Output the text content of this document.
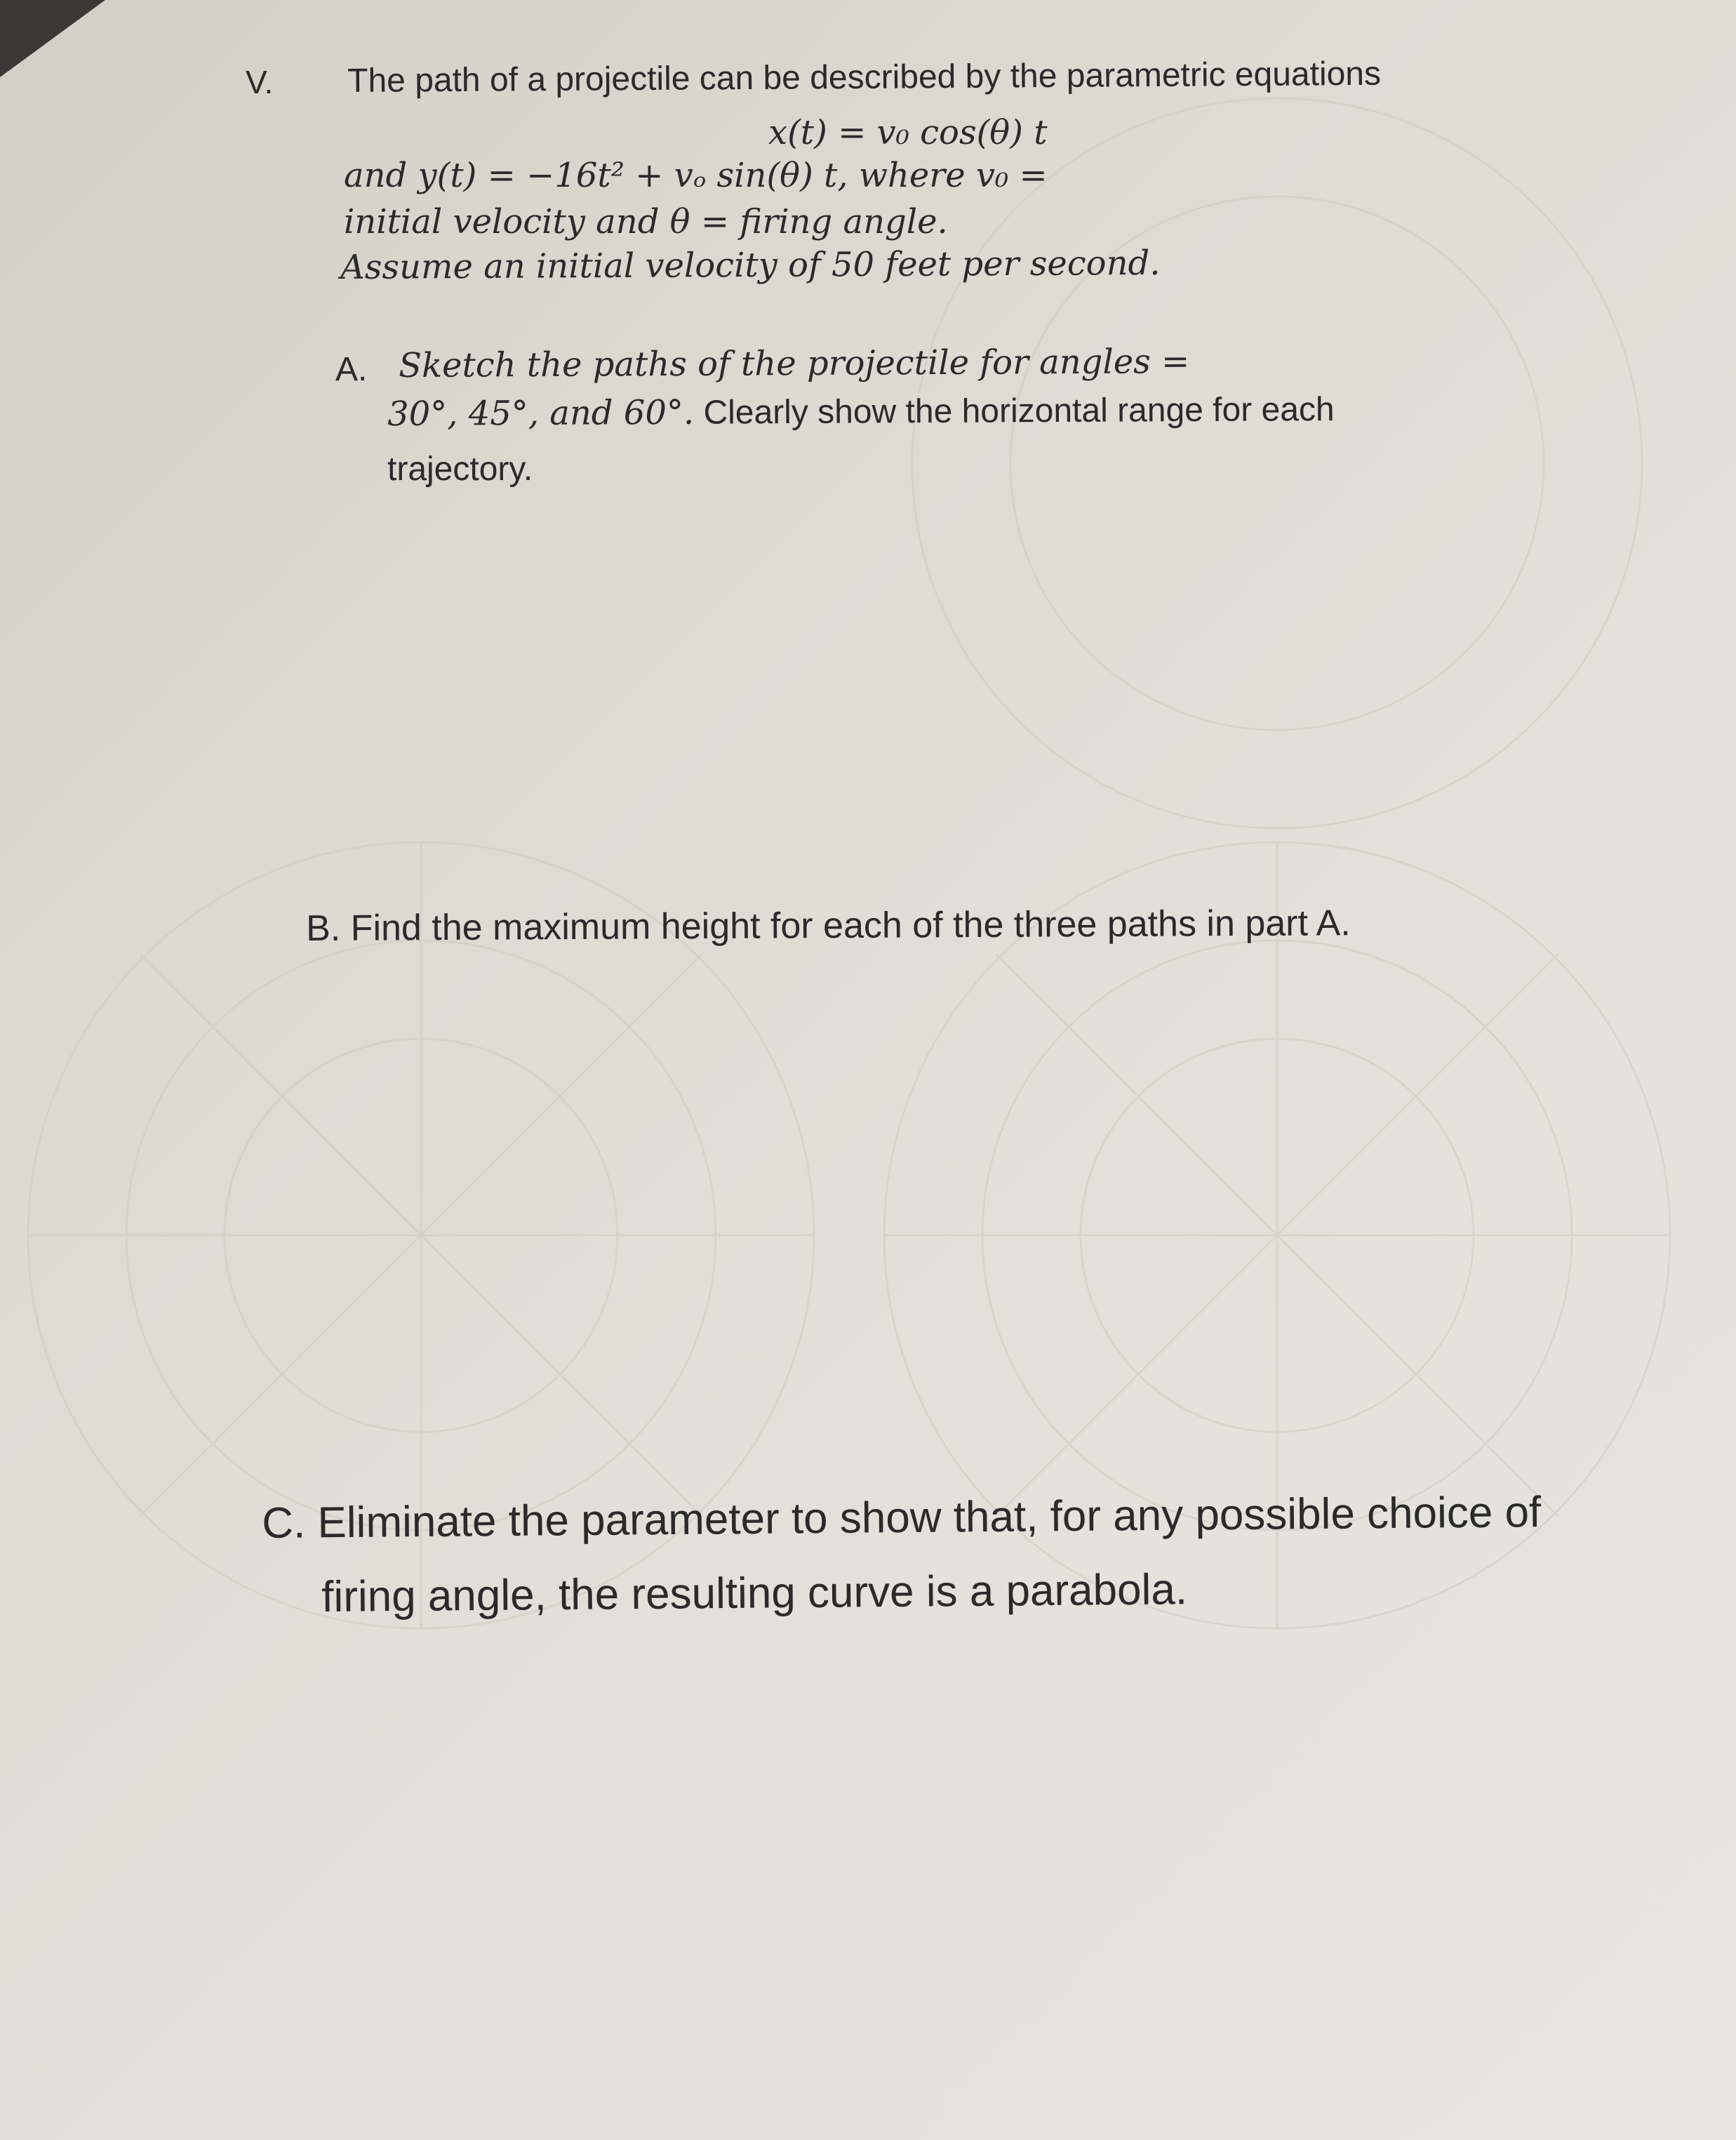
V. The path of a projectile can be described by the parametric equations
x(t) = v₀ cos(θ) t
and y(t) = −16t² + vₒ sin(θ) t, where v₀ =
initial velocity and θ = firing angle.
Assume an initial velocity of 50 feet per second.
A. Sketch the paths of the projectile for angles =
30°, 45°, and 60°. Clearly show the horizontal range for each
trajectory.
B. Find the maximum height for each of the three paths in part A.
C. Eliminate the parameter to show that, for any possible choice of
firing angle, the resulting curve is a parabola.
